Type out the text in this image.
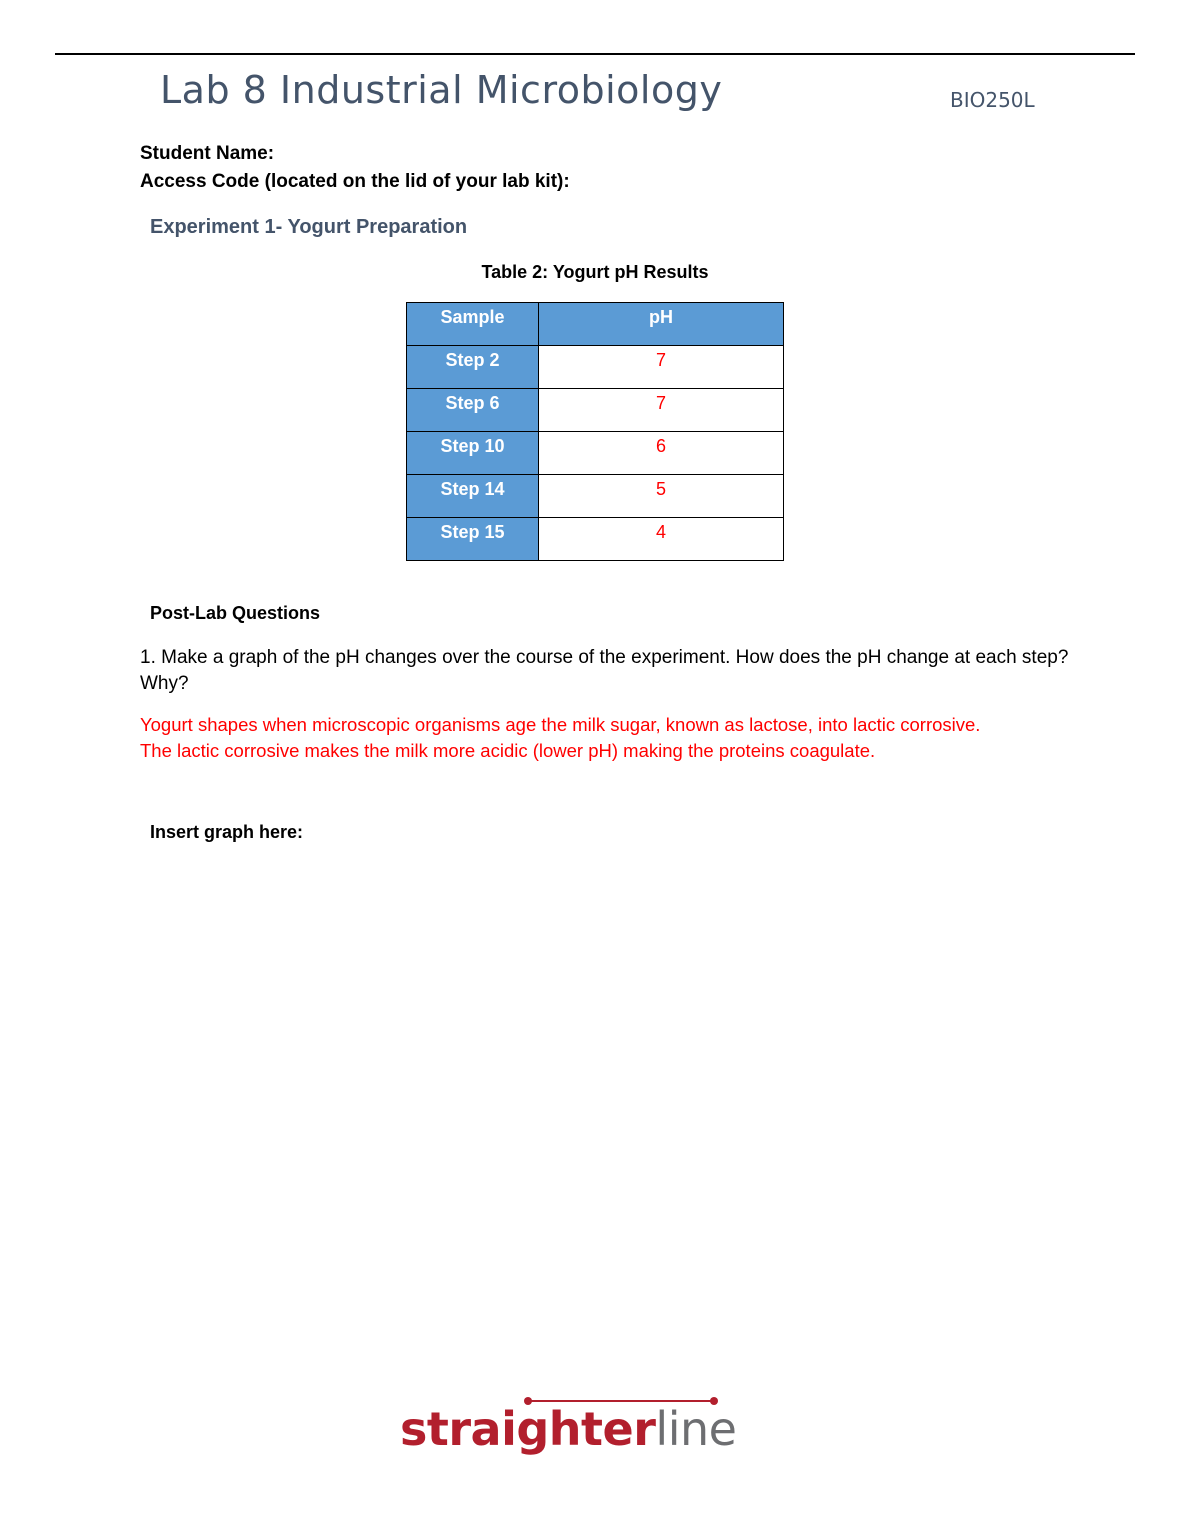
Lab 8 Industrial Microbiology	BIO250L
Student Name:
Access Code (located on the lid of your lab kit):
Experiment 1- Yogurt Preparation
Table 2: Yogurt pH Results
Sample	pH
Step 2	7
Step 6	7
Step 10	6
Step 14	5
Step 15	4
Post-Lab Questions
1. Make a graph of the pH changes over the course of the experiment. How does the pH change at each step? Why?
Yogurt shapes when microscopic organisms age the milk sugar, known as lactose, into lactic corrosive.
The lactic corrosive makes the milk more acidic (lower pH) making the proteins coagulate.
Insert graph here:
straighterline
